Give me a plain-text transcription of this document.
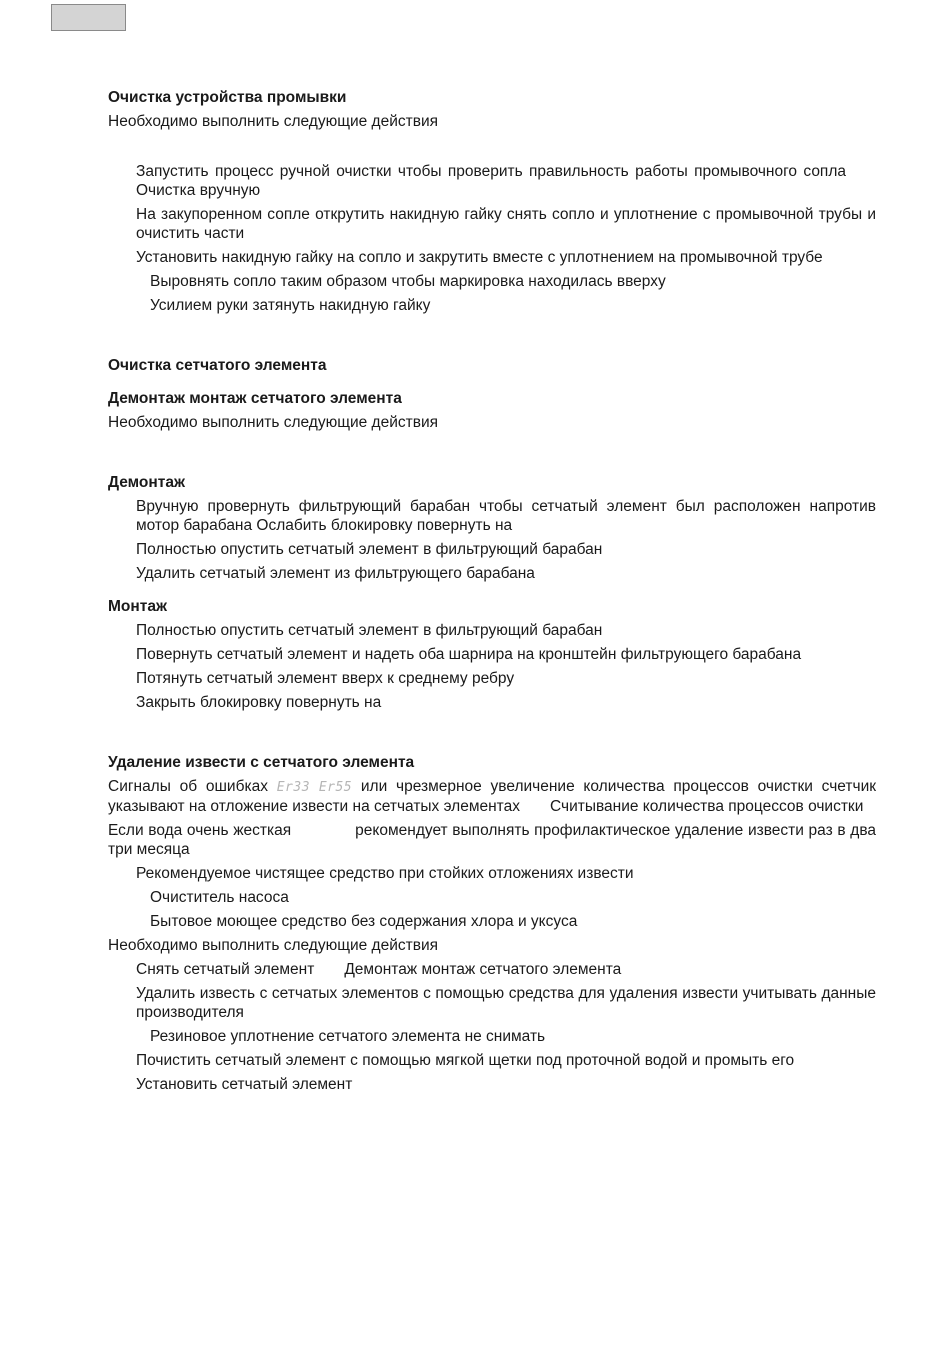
Очистка устройства промывки

Необходимо выполнить следующие действия

Запустить процесс ручной очистки чтобы проверить правильность работы промывочного соплаОчистка вручную

На закупоренном сопле открутить накидную гайку снять сопло и уплотнение с промывочной трубы и очистить части

Установить накидную гайку на сопло и закрутить вместе с уплотнением на промывочной трубе

Выровнять сопло таким образом чтобы маркировка находилась вверху

Усилием руки затянуть накидную гайку

Очистка сетчатого элемента

Демонтаж монтаж сетчатого элемента

Необходимо выполнить следующие действия

Демонтаж

Вручную провернуть фильтрующий барабан чтобы сетчатый элемент был расположен напротив мотор барабана Ослабить блокировку повернуть на

Полностью опустить сетчатый элемент в фильтрующий барабан

Удалить сетчатый элемент из фильтрующего барабана

Монтаж

Полностью опустить сетчатый элемент в фильтрующий барабан

Повернуть сетчатый элемент и надеть оба шарнира на кронштейн фильтрующего барабана

Потянуть сетчатый элемент вверх к среднему ребру

Закрыть блокировку повернуть на

Удаление извести с сетчатого элемента

Сигналы об ошибках Er33 Er55 или чрезмерное увеличение количества процессов очистки счетчик указывают на отложение извести на сетчатых элементах Считывание количества процессов очистки

Если вода очень жесткая	рекомендует выполнять профилактическое удаление извести раз в два три месяца

Рекомендуемое чистящее средство при стойких отложениях извести

Очиститель насоса

Бытовое моющее средство без содержания хлора и уксуса

Необходимо выполнить следующие действия

Снять сетчатый элемент Демонтаж монтаж сетчатого элемента

Удалить известь с сетчатых элементов с помощью средства для удаления извести учитывать данные производителя

Резиновое уплотнение сетчатого элемента не снимать

Почистить сетчатый элемент с помощью мягкой щетки под проточной водой и промыть его

Установить сетчатый элемент
